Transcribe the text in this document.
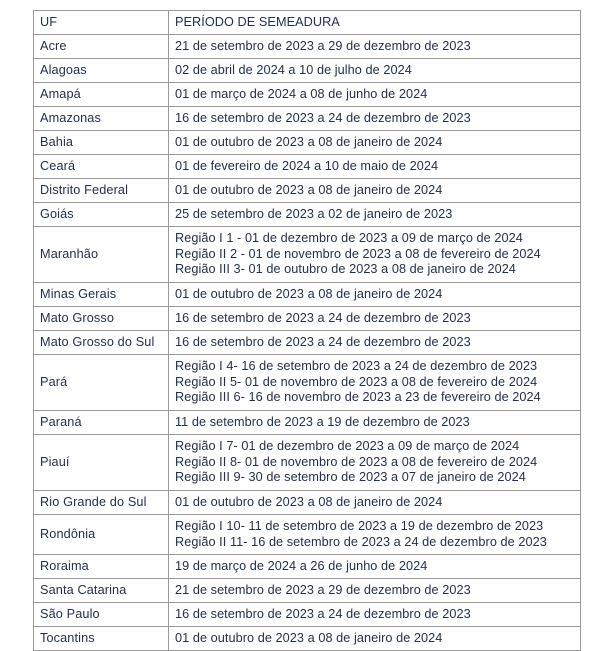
UF	PERÍODO DE SEMEADURA
Acre	21 de setembro de 2023 a 29 de dezembro de 2023
Alagoas	02 de abril de 2024 a 10 de julho de 2024
Amapá	01 de março de 2024 a 08 de junho de 2024
Amazonas	16 de setembro de 2023 a 24 de dezembro de 2023
Bahia	01 de outubro de 2023 a 08 de janeiro de 2024
Ceará	01 de fevereiro de 2024 a 10 de maio de 2024
Distrito Federal	01 de outubro de 2023 a 08 de janeiro de 2024
Goiás	25 de setembro de 2023 a 02 de janeiro de 2023
Maranhão	Região I 1 - 01 de dezembro de 2023 a 09 de março de 2024
Região II 2 - 01 de novembro de 2023 a 08 de fevereiro de 2024
Região III 3- 01 de outubro de 2023 a 08 de janeiro de 2024

Minas Gerais	01 de outubro de 2023 a 08 de janeiro de 2024
Mato Grosso	16 de setembro de 2023 a 24 de dezembro de 2023
Mato Grosso do Sul	16 de setembro de 2023 a 24 de dezembro de 2023
Pará	Região I 4- 16 de setembro de 2023 a 24 de dezembro de 2023
Região II 5- 01 de novembro de 2023 a 08 de fevereiro de 2024
Região III 6- 16 de novembro de 2023 a 23 de fevereiro de 2024

Paraná	11 de setembro de 2023 a 19 de dezembro de 2023
Piauí	Região I 7- 01 de dezembro de 2023 a 09 de março de 2024
Região II 8- 01 de novembro de 2023 a 08 de fevereiro de 2024
Região III 9- 30 de setembro de 2023 a 07 de janeiro de 2024

Rio Grande do Sul	01 de outubro de 2023 a 08 de janeiro de 2024
Rondônia	Região I 10- 11 de setembro de 2023 a 19 de dezembro de 2023
Região II 11- 16 de setembro de 2023 a 24 de dezembro de 2023

Roraima	19 de março de 2024 a 26 de junho de 2024
Santa Catarina	21 de setembro de 2023 a 29 de dezembro de 2023
São Paulo	16 de setembro de 2023 a 24 de dezembro de 2023
Tocantins	01 de outubro de 2023 a 08 de janeiro de 2024
